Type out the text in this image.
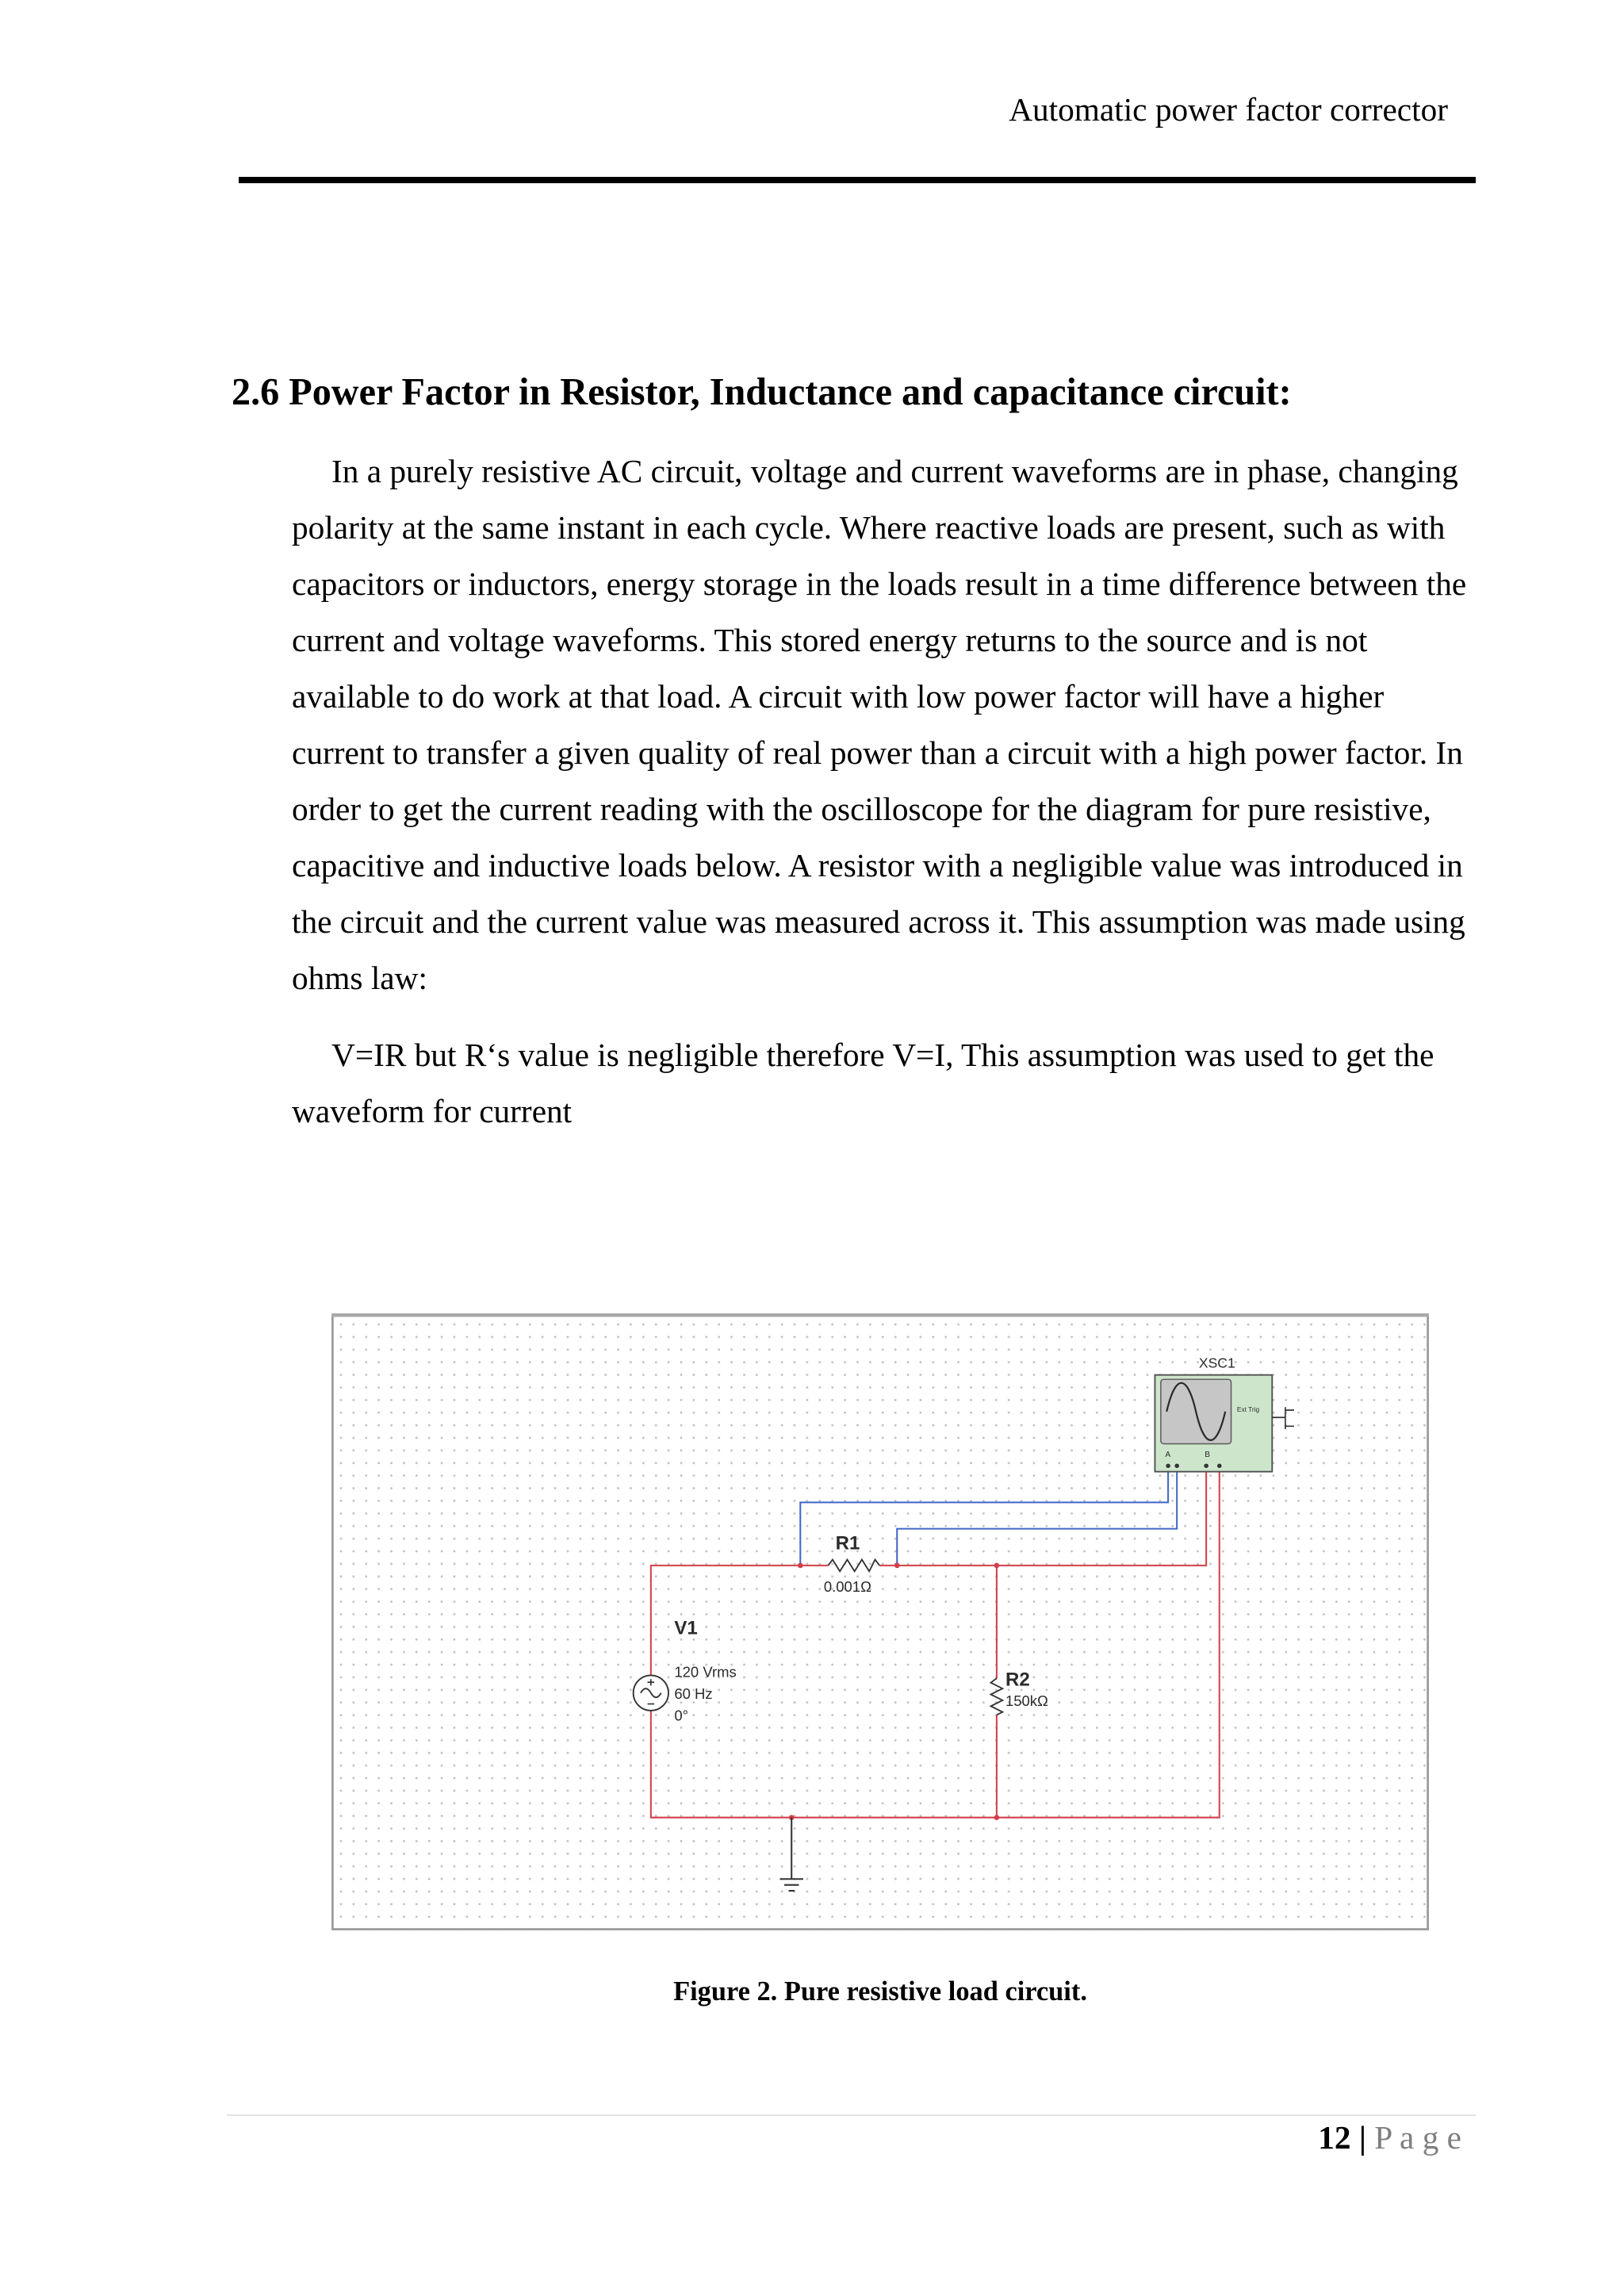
Automatic power factor corrector
2.6 Power Factor in Resistor, Inductance and capacitance circuit:
In a purely resistive AC circuit, voltage and current waveforms are in phase, changing
polarity at the same instant in each cycle. Where reactive loads are present, such as with
capacitors or inductors, energy storage in the loads result in a time difference between the
current and voltage waveforms. This stored energy returns to the source and is not
available to do work at that load. A circuit with low power factor will have a higher
current to transfer a given quality of real power than a circuit with a high power factor. In
order to get the current reading with the oscilloscope for the diagram for pure resistive,
capacitive and inductive loads below. A resistor with a negligible value was introduced in
the circuit and the current value was measured across it. This assumption was made using
ohms law:
V=IR but R‘s value is negligible therefore V=I, This assumption was used to get the
waveform for current
R1
0.001Ω
V1
120 Vrms
60 Hz
0°
R2
150kΩ
XSC1
Ext Trig
A	B
Figure 2. Pure resistive load circuit.
12 | P a g e
